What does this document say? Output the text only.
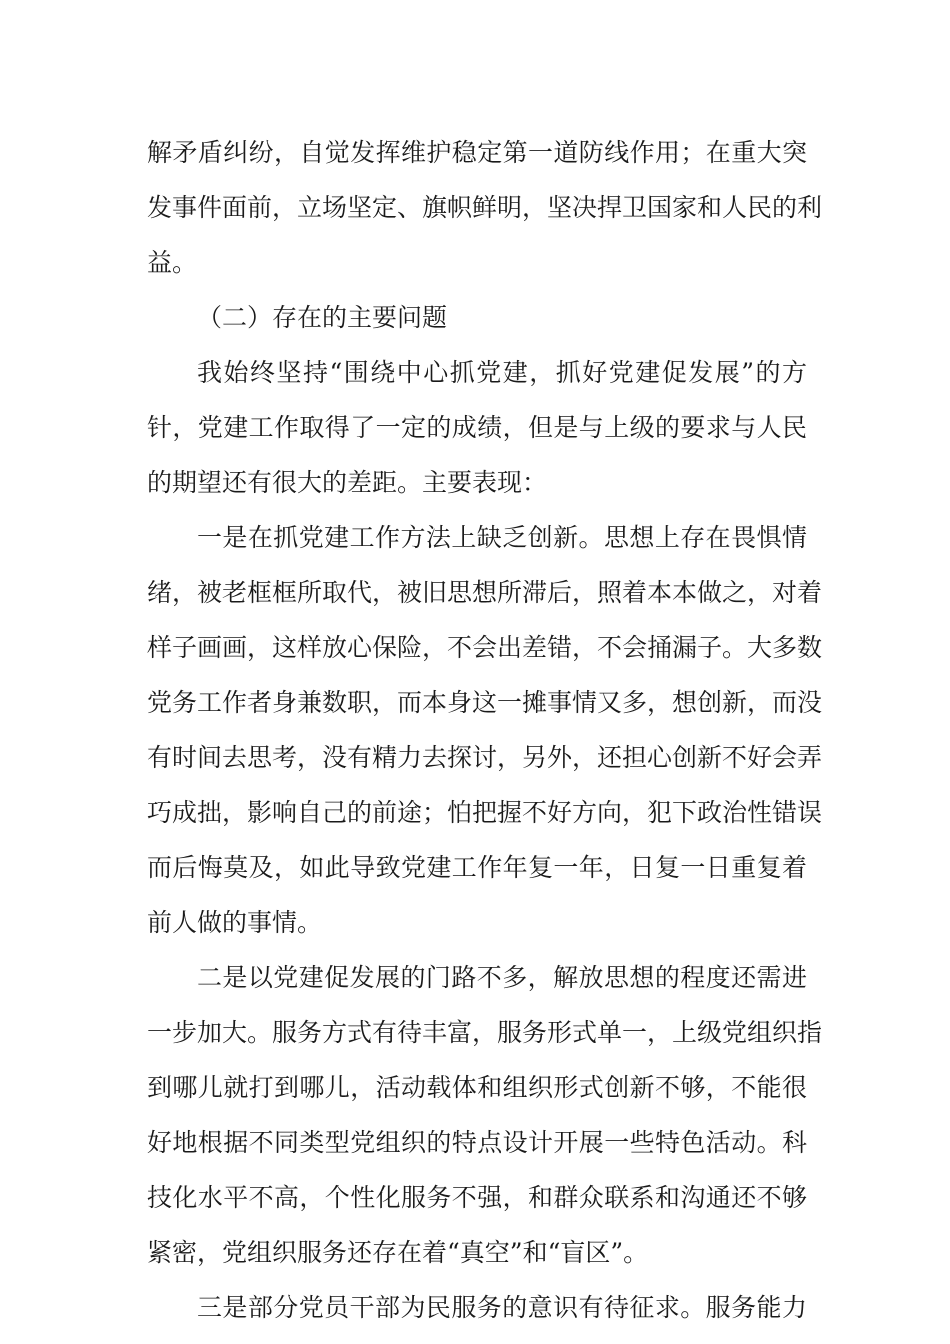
解矛盾纠纷，自觉发挥维护稳定第一道防线作用；在重大突
发事件面前，立场坚定、旗帜鲜明，坚决捍卫国家和人民的利
益。
（二）存在的主要问题
我始终坚持“围绕中心抓党建，抓好党建促发展”的方
针，党建工作取得了一定的成绩，但是与上级的要求与人民
的期望还有很大的差距。主要表现：
一是在抓党建工作方法上缺乏创新。思想上存在畏惧情
绪，被老框框所取代，被旧思想所滞后，照着本本做之，对着
样子画画，这样放心保险，不会出差错，不会捅漏子。大多数
党务工作者身兼数职，而本身这一摊事情又多，想创新，而没
有时间去思考，没有精力去探讨，另外，还担心创新不好会弄
巧成拙，影响自己的前途；怕把握不好方向，犯下政治性错误
而后悔莫及，如此导致党建工作年复一年，日复一日重复着
前人做的事情。
二是以党建促发展的门路不多，解放思想的程度还需进
一步加大。服务方式有待丰富，服务形式单一，上级党组织指
到哪儿就打到哪儿，活动载体和组织形式创新不够，不能很
好地根据不同类型党组织的特点设计开展一些特色活动。科
技化水平不高，个性化服务不强，和群众联系和沟通还不够
紧密，党组织服务还存在着“真空”和“盲区”。
三是部分党员干部为民服务的意识有待征求。服务能力
